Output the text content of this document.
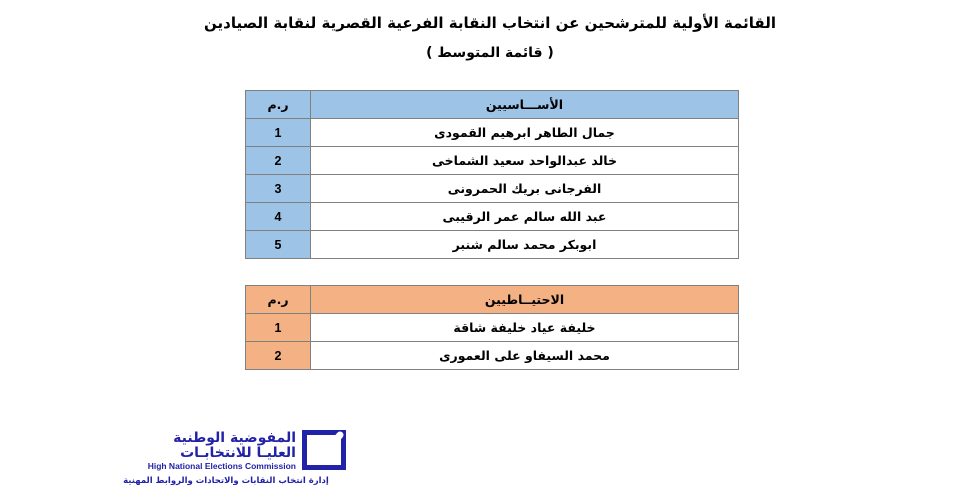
القائمة الأولية للمترشحين عن انتخاب النقابة الفرعية القصرية لنقابة الصيادين
( قائمة المتوسط )
الأســـاسيين	ر.م
جمال الطاهر ابرهيم القمودى	1
خالد عبدالواحد سعيد الشماخى	2
الفرجانى بريك الحمرونى	3
عبد الله سالم عمر الرقيبى	4
ابوبكر محمد سالم شنبر	5
الاحتيــاطيين	ر.م
خليفة عياد خليفة شاقة	1
محمد السيفاو على العمورى	2
المفوضية الوطنية
العليـا للانتخابـات
High National Elections Commission
إدارة انتخاب النقابات والاتحادات والروابط المهنية
